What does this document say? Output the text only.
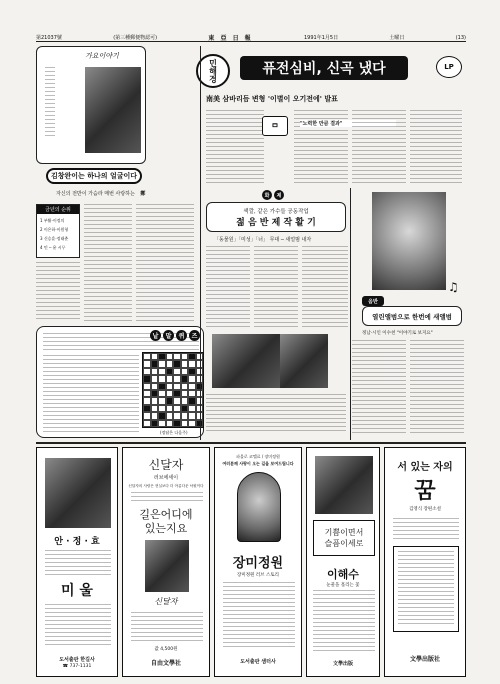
第21037號	(第三種郵便物認可)	東 亞 日 報	1991年1月5日	土曜日	(13)
가요이야기
김창완이는 하나의 얼굴이다
자신의 전반이 가슴라 매번 사랑하는 鄭
금년의 순위
1 부활·이정의
2 이은하·이원형
3 신승훈·정태춘
4 민 ─ 윤 시무
낱	말	퀴	즈
(정답은 다음주)
민해경	퓨전심비, 신곡 냈다
南美 삼바리듬 변형 '이별이 오기전에' 발표
LP
🎞	"노력한 만큼 결과"
화	제
색깔, 같은 가수들 공동작업
젊 음 반 제 작 활 기
「동물원」「미성」「너」 무대 ─ 새얼범 내자
♫
음반
열린앨범으로 한번에 새앨범
정남·시인 이수천 "이야기로 보지요"
안 · 정 · 효
미 울
도서출판 한길사
☎ 737-1131
신달자
러브에세이
신달자의 사랑은 현실보다 더 아름다운 낙원이다
길은어디에
있는지요
신달자
값 4,500원
自由文學社
파울로 코엘료 / 장미정원
여러분께 사랑이 오는 길을 보여드립니다
장미정원
장미정원 러브 스토리
도서출판 샘터사
기쁨이면서
슬픔이세로
이해수
눈물을 흘리는 꽃
文學出版
서 있는 자의
꿈
김영식 장편소설
文學出版社
